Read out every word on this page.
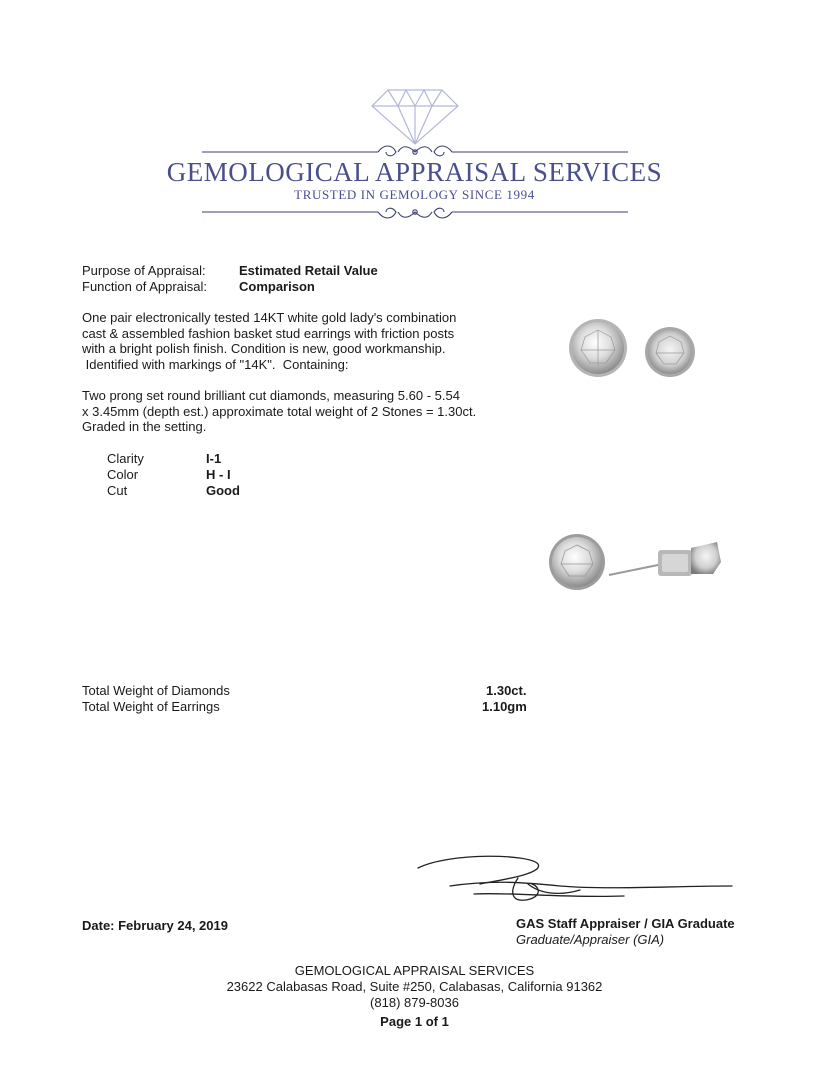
GEMOLOGICAL APPRAISAL SERVICES
TRUSTED IN GEMOLOGY SINCE 1994
Purpose of Appraisal:	Estimated Retail Value
Function of Appraisal: Comparison
One pair electronically tested 14KT white gold lady's combination
cast & assembled fashion basket stud earrings with friction posts
with a bright polish finish. Condition is new, good workmanship.
Identified with markings of "14K".  Containing:
Two prong set round brilliant cut diamonds, measuring 5.60 - 5.54
x 3.45mm (depth est.) approximate total weight of 2 Stones = 1.30ct.
Graded in the setting.
Clarity	I-1
Color	H - I
Cut	Good
Total Weight of Diamonds	1.30ct.
Total Weight of Earrings	1.10gm
Date: February 24, 2019	GAS Staff Appraiser / GIA Graduate
Graduate/Appraiser (GIA)
GEMOLOGICAL APPRAISAL SERVICES
23622 Calabasas Road, Suite #250, Calabasas, California 91362
(818) 879-8036
Page 1 of 1
